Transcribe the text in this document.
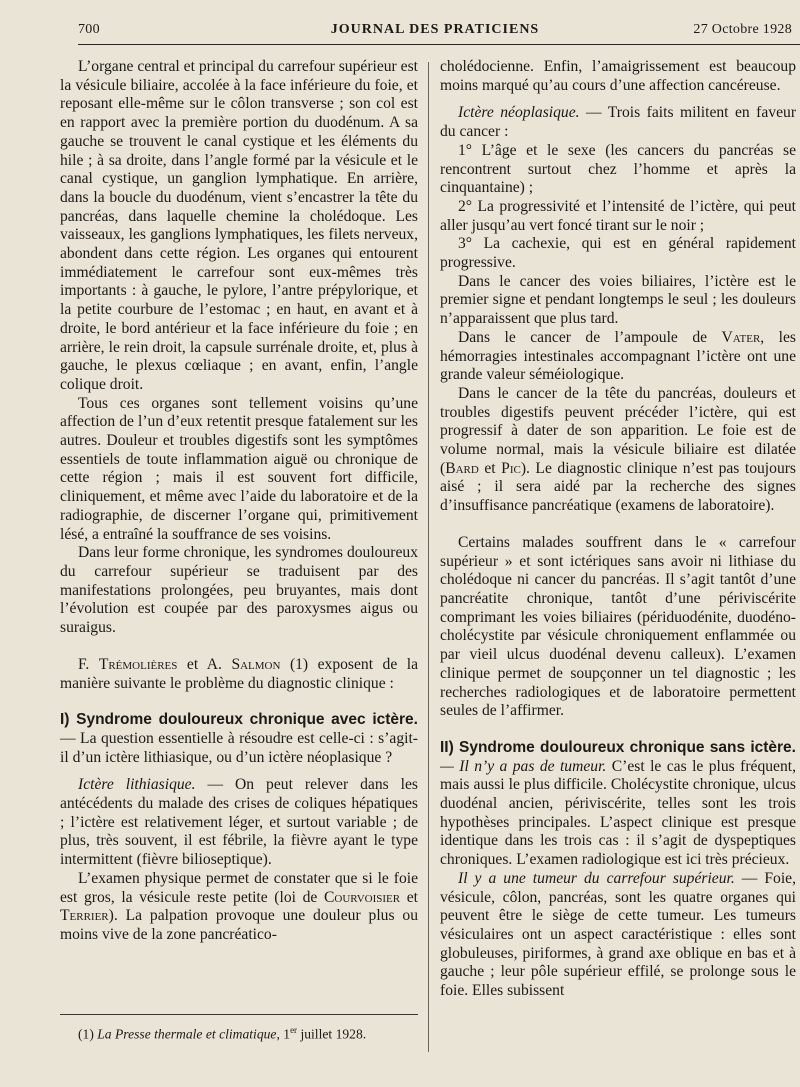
700	JOURNAL DES PRATICIENS	27 Octobre 1928

L’organe central et principal du carrefour supérieur est la vésicule biliaire, accolée à la face inférieure du foie, et reposant elle-même sur le côlon transverse ; son col est en rapport avec la première portion du duodénum. A sa gauche se trouvent le canal cystique et les éléments du hile ; à sa droite, dans l’angle formé par la vésicule et le canal cystique, un ganglion lymphatique. En arrière, dans la boucle du duodénum, vient s’encastrer la tête du pancréas, dans laquelle chemine la cholédoque. Les vaisseaux, les ganglions lymphatiques, les filets nerveux, abondent dans cette région. Les organes qui entourent immédiatement le carrefour sont eux-mêmes très importants : à gauche, le pylore, l’antre prépylorique, et la petite courbure de l’estomac ; en haut, en avant et à droite, le bord antérieur et la face inférieure du foie ; en arrière, le rein droit, la capsule surrénale droite, et, plus à gauche, le plexus cœliaque ; en avant, enfin, l’angle colique droit.

Tous ces organes sont tellement voisins qu’une affection de l’un d’eux retentit presque fatalement sur les autres. Douleur et troubles digestifs sont les symptômes essentiels de toute inflammation aiguë ou chronique de cette région ; mais il est souvent fort difficile, cliniquement, et même avec l’aide du laboratoire et de la radiographie, de discerner l’organe qui, primitivement lésé, a entraîné la souffrance de ses voisins.

Dans leur forme chronique, les syndromes douloureux du carrefour supérieur se traduisent par des manifestations prolongées, peu bruyantes, mais dont l’évolution est coupée par des paroxysmes aigus ou suraigus.

F. Trémolières et A. Salmon (1) exposent de la manière suivante le problème du diagnostic clinique :

I) Syndrome douloureux chronique avec ictère. — La question essentielle à résoudre est celle-ci : s’agit-il d’un ictère lithiasique, ou d’un ictère néoplasique ?

Ictère lithiasique. — On peut relever dans les antécédents du malade des crises de coliques hépatiques ; l’ictère est relativement léger, et surtout variable ; de plus, très souvent, il est fébrile, la fièvre ayant le type intermittent (fièvre bilioseptique).

L’examen physique permet de constater que si le foie est gros, la vésicule reste petite (loi de Courvoisier et Terrier). La palpation provoque une douleur plus ou moins vive de la zone pancréatico-

(1) La Presse thermale et climatique, 1er juillet 1928.

cholédocienne. Enfin, l’amaigrissement est beaucoup moins marqué qu’au cours d’une affection cancéreuse.

Ictère néoplasique. — Trois faits militent en faveur du cancer :

1° L’âge et le sexe (les cancers du pancréas se rencontrent surtout chez l’homme et après la cinquantaine) ;

2° La progressivité et l’intensité de l’ictère, qui peut aller jusqu’au vert foncé tirant sur le noir ;

3° La cachexie, qui est en général rapidement progressive.

Dans le cancer des voies biliaires, l’ictère est le premier signe et pendant longtemps le seul ; les douleurs n’apparaissent que plus tard.

Dans le cancer de l’ampoule de Vater, les hémorragies intestinales accompagnant l’ictère ont une grande valeur séméiologique.

Dans le cancer de la tête du pancréas, douleurs et troubles digestifs peuvent précéder l’ictère, qui est progressif à dater de son apparition. Le foie est de volume normal, mais la vésicule biliaire est dilatée (Bard et Pic). Le diagnostic clinique n’est pas toujours aisé ; il sera aidé par la recherche des signes d’insuffisance pancréatique (examens de laboratoire).

Certains malades souffrent dans le « carrefour supérieur » et sont ictériques sans avoir ni lithiase du cholédoque ni cancer du pancréas. Il s’agit tantôt d’une pancréatite chronique, tantôt d’une périviscérite comprimant les voies biliaires (périduodénite, duodéno-cholécystite par vésicule chroniquement enflammée ou par vieil ulcus duodénal devenu calleux). L’examen clinique permet de soupçonner un tel diagnostic ; les recherches radiologiques et de laboratoire permettent seules de l’affirmer.

II) Syndrome douloureux chronique sans ictère. — Il n’y a pas de tumeur. C’est le cas le plus fréquent, mais aussi le plus difficile. Cholécystite chronique, ulcus duodénal ancien, périviscérite, telles sont les trois hypothèses principales. L’aspect clinique est presque identique dans les trois cas : il s’agit de dyspeptiques chroniques. L’examen radiologique est ici très précieux.

Il y a une tumeur du carrefour supérieur. — Foie, vésicule, côlon, pancréas, sont les quatre organes qui peuvent être le siège de cette tumeur. Les tumeurs vésiculaires ont un aspect caractéristique : elles sont globuleuses, piriformes, à grand axe oblique en bas et à gauche ; leur pôle supérieur effilé, se prolonge sous le foie. Elles subissent
